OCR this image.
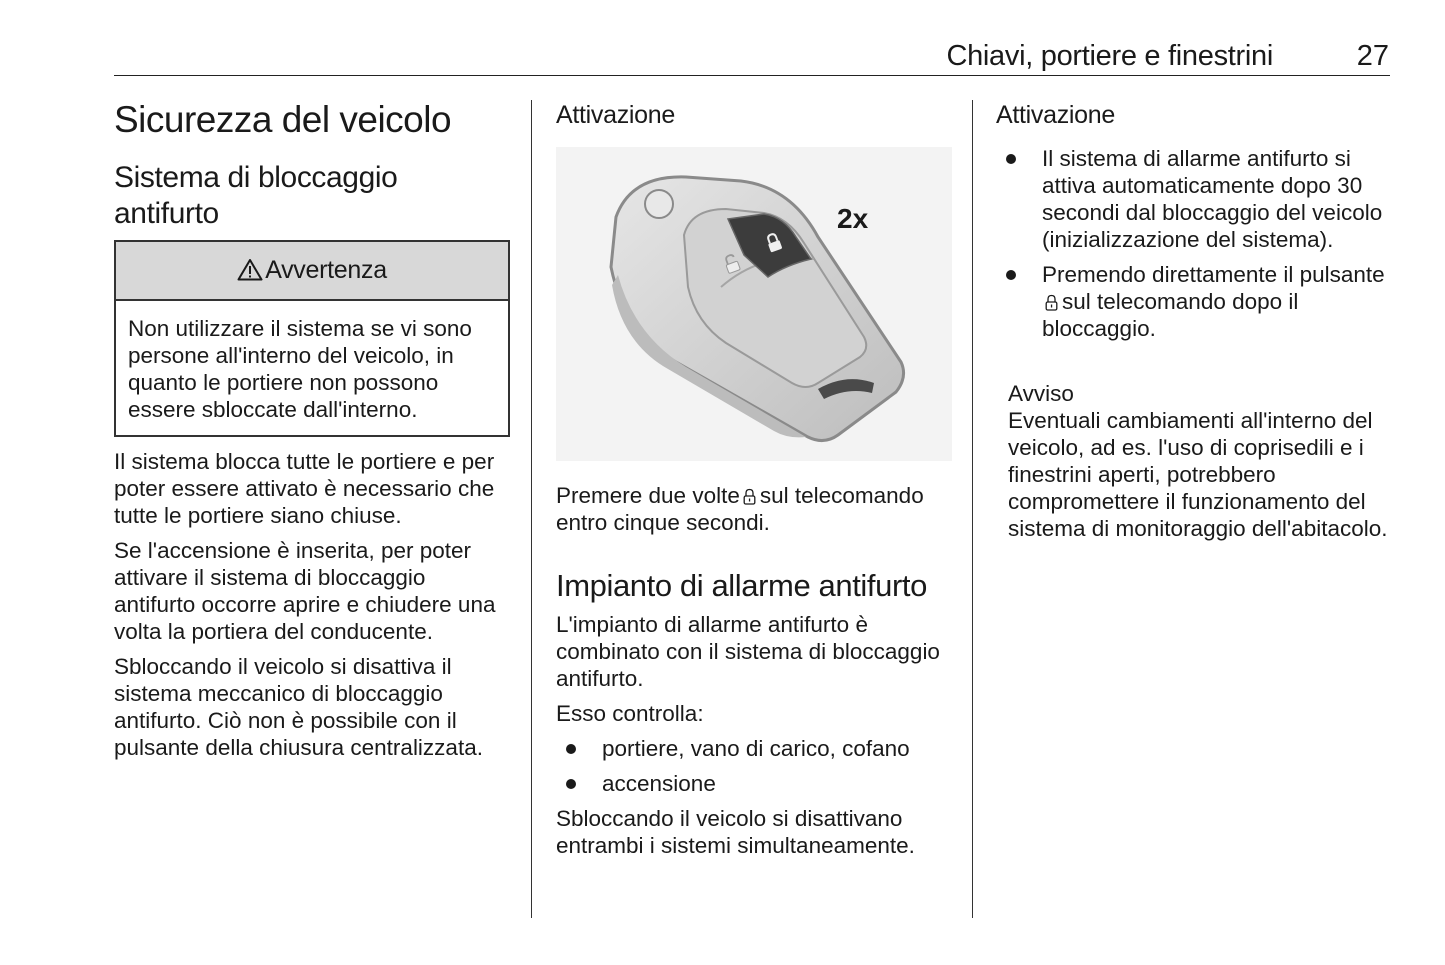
Chiavi, portiere e finestrini	27
Sicurezza del veicolo
Sistema di bloccaggio antifurto
Avvertenza
Non utilizzare il sistema se vi sono persone all'interno del veicolo, in quanto le portiere non possono essere sbloccate dall'interno.

Il sistema blocca tutte le portiere e per poter essere attivato è necessario che tutte le portiere siano chiuse.

Se l'accensione è inserita, per poter attivare il sistema di bloccaggio antifurto occorre aprire e chiudere una volta la portiera del conducente.

Sbloccando il veicolo si disattiva il sistema meccanico di bloccaggio antifurto. Ciò non è possibile con il pulsante della chiusura centralizzata.

Attivazione
2x

Premere due volte sul telecomando entro cinque secondi.

Impianto di allarme antifurto

L'impianto di allarme antifurto è combinato con il sistema di bloccaggio antifurto.

Esso controlla:

portiere, vano di carico, cofano
accensione

Sbloccando il veicolo si disattivano entrambi i sistemi simultaneamente.

Attivazione
Il sistema di allarme antifurto si attiva automaticamente dopo 30 secondi dal bloccaggio del veicolo (inizializzazione del sistema).
Premendo direttamente il pulsantesul telecomando dopo il bloccaggio.

Avviso

Eventuali cambiamenti all'interno del veicolo, ad es. l'uso di coprisedili e i finestrini aperti, potrebbero compromettere il funzionamento del sistema di monitoraggio dell'abitacolo.
